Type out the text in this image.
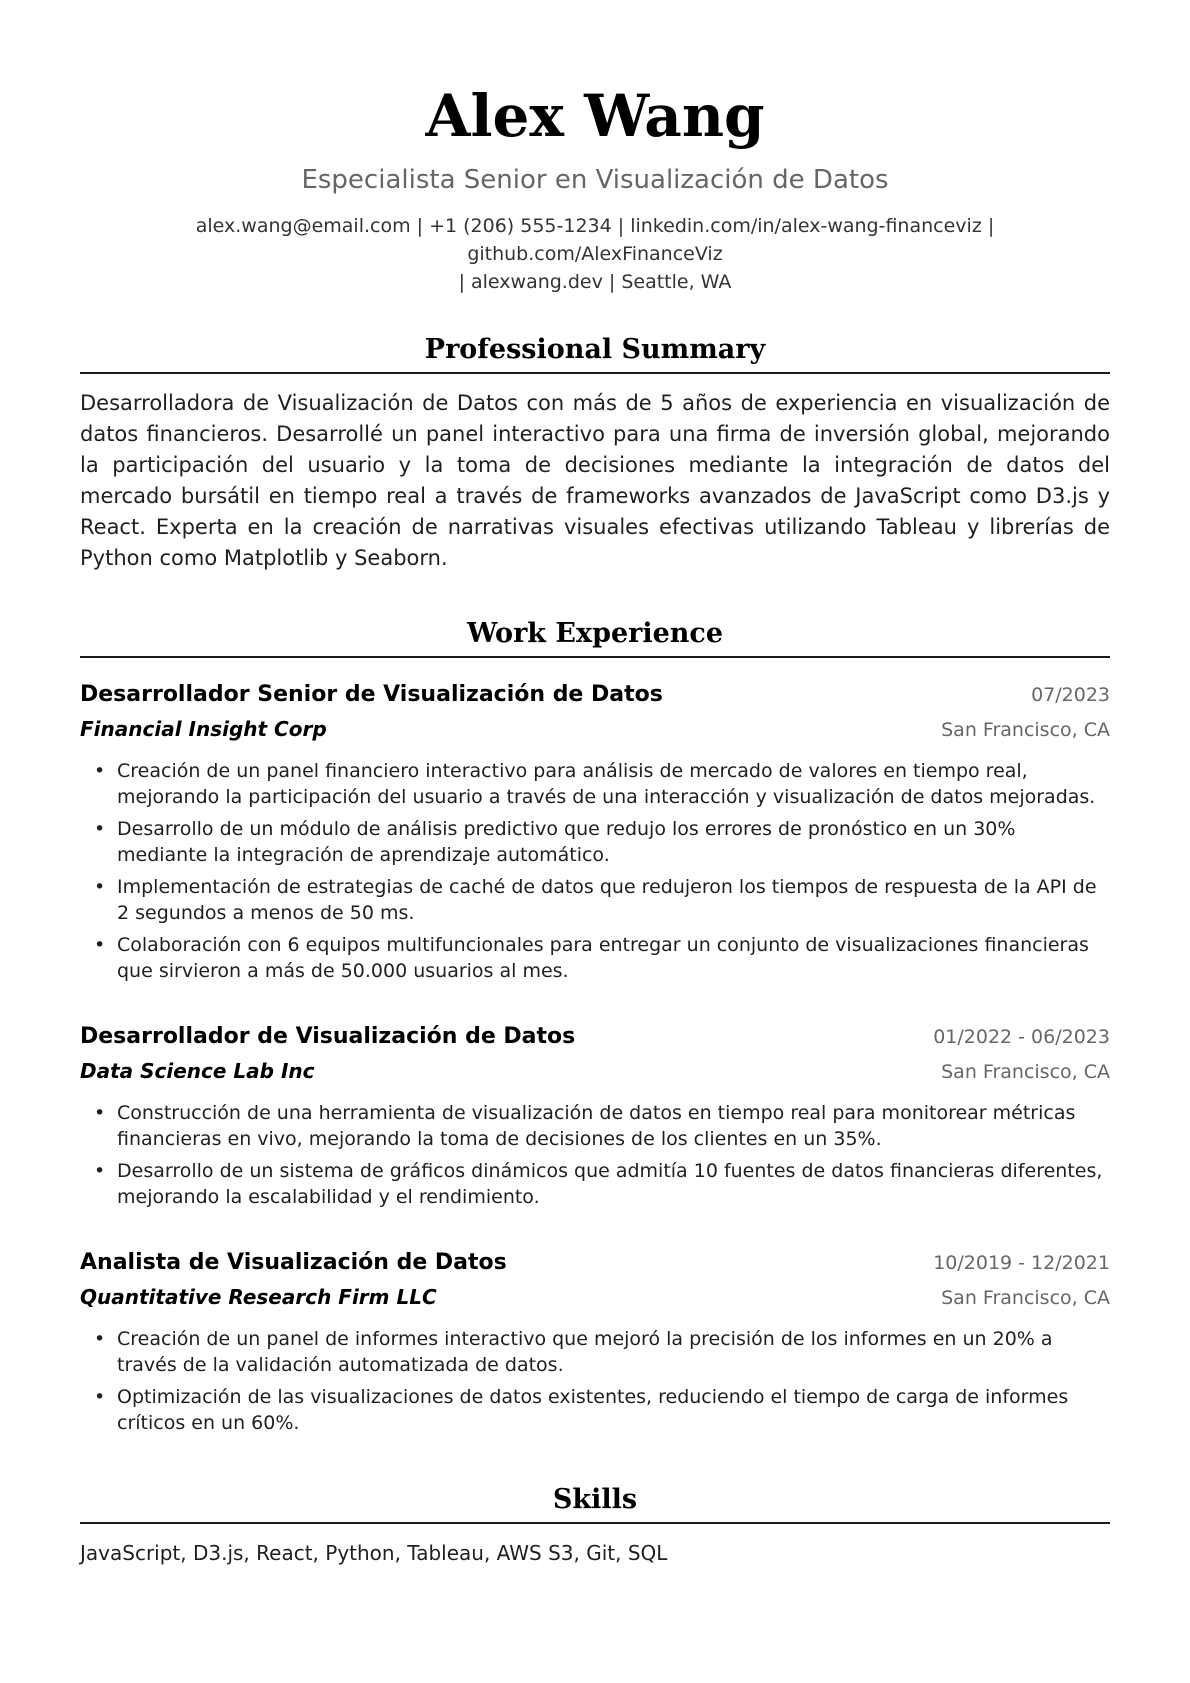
Alex Wang
Especialista Senior en Visualización de Datos
alex.wang@email.com | +1 (206) 555-1234 | linkedin.com/in/alex-wang-financeviz | github.com/AlexFinanceViz
| alexwang.dev | Seattle, WA
Professional Summary
Desarrolladora de Visualización de Datos con más de 5 años de experiencia en visualización de datos financieros. Desarrollé un panel interactivo para una firma de inversión global, mejorando la participación del usuario y la toma de decisiones mediante la integración de datos del mercado bursátil en tiempo real a través de frameworks avanzados de JavaScript como D3.js y React. Experta en la creación de narrativas visuales efectivas utilizando Tableau y librerías de Python como Matplotlib y Seaborn.
Work Experience
Desarrollador Senior de Visualización de Datos	07/2023
Financial Insight Corp	San Francisco, CA
• Creación de un panel financiero interactivo para análisis de mercado de valores en tiempo real, mejorando la participación del usuario a través de una interacción y visualización de datos mejoradas.
• Desarrollo de un módulo de análisis predictivo que redujo los errores de pronóstico en un 30% mediante la integración de aprendizaje automático.
• Implementación de estrategias de caché de datos que redujeron los tiempos de respuesta de la API de 2 segundos a menos de 50 ms.
• Colaboración con 6 equipos multifuncionales para entregar un conjunto de visualizaciones financieras que sirvieron a más de 50.000 usuarios al mes.
Desarrollador de Visualización de Datos	01/2022 - 06/2023
Data Science Lab Inc	San Francisco, CA
• Construcción de una herramienta de visualización de datos en tiempo real para monitorear métricas financieras en vivo, mejorando la toma de decisiones de los clientes en un 35%.
• Desarrollo de un sistema de gráficos dinámicos que admitía 10 fuentes de datos financieras diferentes, mejorando la escalabilidad y el rendimiento.
Analista de Visualización de Datos	10/2019 - 12/2021
Quantitative Research Firm LLC	San Francisco, CA
• Creación de un panel de informes interactivo que mejoró la precisión de los informes en un 20% a través de la validación automatizada de datos.
• Optimización de las visualizaciones de datos existentes, reduciendo el tiempo de carga de informes críticos en un 60%.
Skills
JavaScript, D3.js, React, Python, Tableau, AWS S3, Git, SQL
